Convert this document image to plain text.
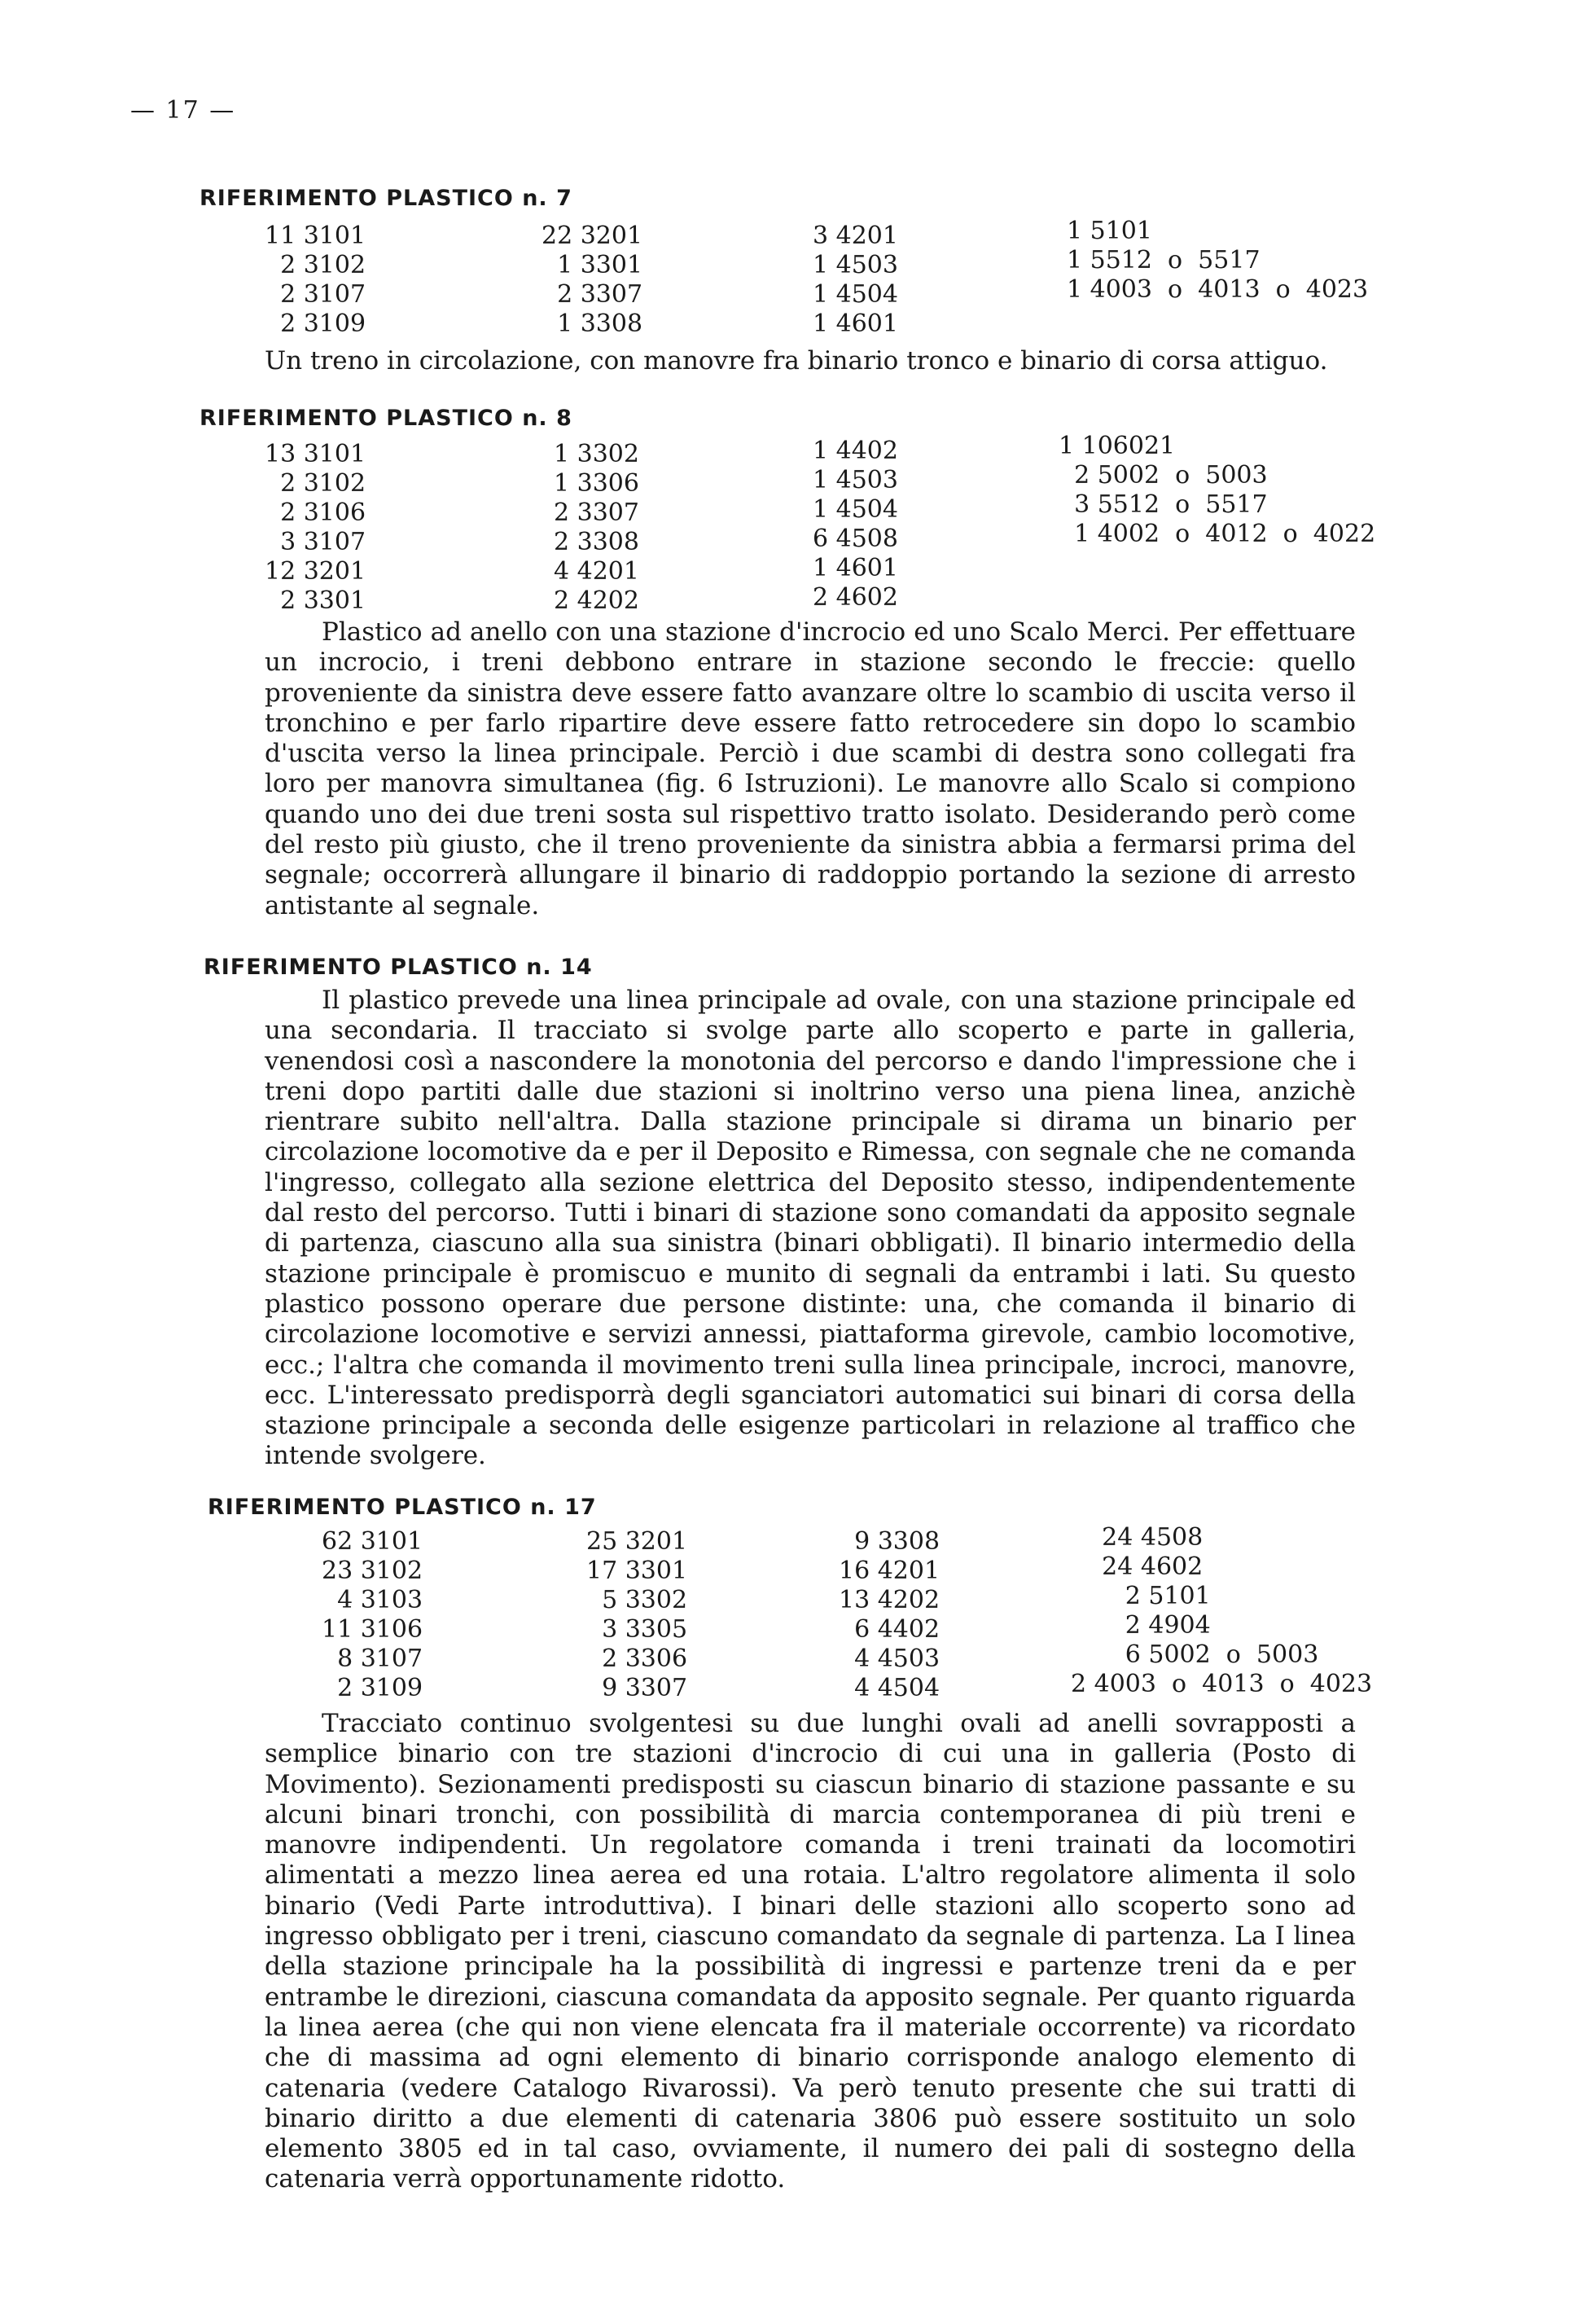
— 17 —
RIFERIMENTO PLASTICO n. 7
11 3101
2 3102
2 3107
2 3109
22 3201
1 3301
2 3307
1 3308
3 4201
1 4503
1 4504
1 4601
1 5101
1 5512  o  5517
1 4003  o  4013  o  4023
Un treno in circolazione, con manovre fra binario tronco e binario di corsa attiguo.
RIFERIMENTO PLASTICO n. 8
13 3101
2 3102
2 3106
3 3107
12 3201
2 3301
1 3302
1 3306
2 3307
2 3308
4 4201
2 4202
1 4402
1 4503
1 4504
6 4508
1 4601
2 4602
1 106021
2 5002  o  5003
3 5512  o  5517
1 4002  o  4012  o  4022
Plastico ad anello con una stazione d'incrocio ed uno Scalo Merci. Per effettuare un incrocio, i treni debbono entrare in stazione secondo le freccie: quello proveniente da sinistra deve essere fatto avanzare oltre lo scambio di uscita verso il tronchino e per farlo ripartire deve essere fatto retrocedere sin dopo lo scambio d'uscita verso la linea principale. Perciò i due scambi di destra sono collegati fra loro per manovra simultanea (fig. 6 Istruzioni). Le manovre allo Scalo si compiono quando uno dei due treni sosta sul rispettivo tratto isolato. Desiderando però come del resto più giusto, che il treno proveniente da sinistra abbia a fermarsi prima del segnale; occorrerà allungare il binario di raddoppio portando la sezione di arresto antistante al segnale.
RIFERIMENTO PLASTICO n. 14
Il plastico prevede una linea principale ad ovale, con una stazione principale ed una secondaria. Il tracciato si svolge parte allo scoperto e parte in galleria, venendosi così a nascondere la monotonia del percorso e dando l'impressione che i treni dopo partiti dalle due stazioni si inoltrino verso una piena linea, anzichè rientrare subito nell'altra. Dalla stazione principale si dirama un binario per circolazione locomotive da e per il Deposito e Rimessa, con segnale che ne comanda l'ingresso, collegato alla sezione elettrica del Deposito stesso, indipendentemente dal resto del percorso. Tutti i binari di stazione sono comandati da apposito segnale di partenza, ciascuno alla sua sinistra (binari obbligati). Il binario intermedio della stazione principale è promiscuo e munito di segnali da entrambi i lati. Su questo plastico possono operare due persone distinte: una, che comanda il binario di circolazione locomotive e servizi annessi, piattaforma girevole, cambio locomotive, ecc.; l'altra che comanda il movimento treni sulla linea principale, incroci, manovre, ecc. L'interessato predisporrà degli sganciatori automatici sui binari di corsa della stazione principale a seconda delle esigenze particolari in relazione al traffico che intende svolgere.
RIFERIMENTO PLASTICO n. 17
62 3101
23 3102
4 3103
11 3106
8 3107
2 3109
25 3201
17 3301
5 3302
3 3305
2 3306
9 3307
9 3308
16 4201
13 4202
6 4402
4 4503
4 4504
24 4508
24 4602
2 5101
2 4904
6 5002  o  5003
2 4003  o  4013  o  4023
Tracciato continuo svolgentesi su due lunghi ovali ad anelli sovrapposti a semplice binario con tre stazioni d'incrocio di cui una in galleria (Posto di Movimento). Sezionamenti predisposti su ciascun binario di stazione passante e su alcuni binari tronchi, con possibilità di marcia contemporanea di più treni e manovre indipendenti. Un regolatore comanda i treni trainati da locomotiri alimentati a mezzo linea aerea ed una rotaia. L'altro regolatore alimenta il solo binario (Vedi Parte introduttiva). I binari delle stazioni allo scoperto sono ad ingresso obbligato per i treni, ciascuno comandato da segnale di partenza. La I linea della stazione principale ha la possibilità di ingressi e partenze treni da e per entrambe le direzioni, ciascuna comandata da apposito segnale. Per quanto riguarda la linea aerea (che qui non viene elencata fra il materiale occorrente) va ricordato che di massima ad ogni elemento di binario corrisponde analogo elemento di catenaria (vedere Catalogo Rivarossi). Va però tenuto presente che sui tratti di binario diritto a due elementi di catenaria 3806 può essere sostituito un solo elemento 3805 ed in tal caso, ovviamente, il numero dei pali di sostegno della catenaria verrà opportunamente ridotto.
